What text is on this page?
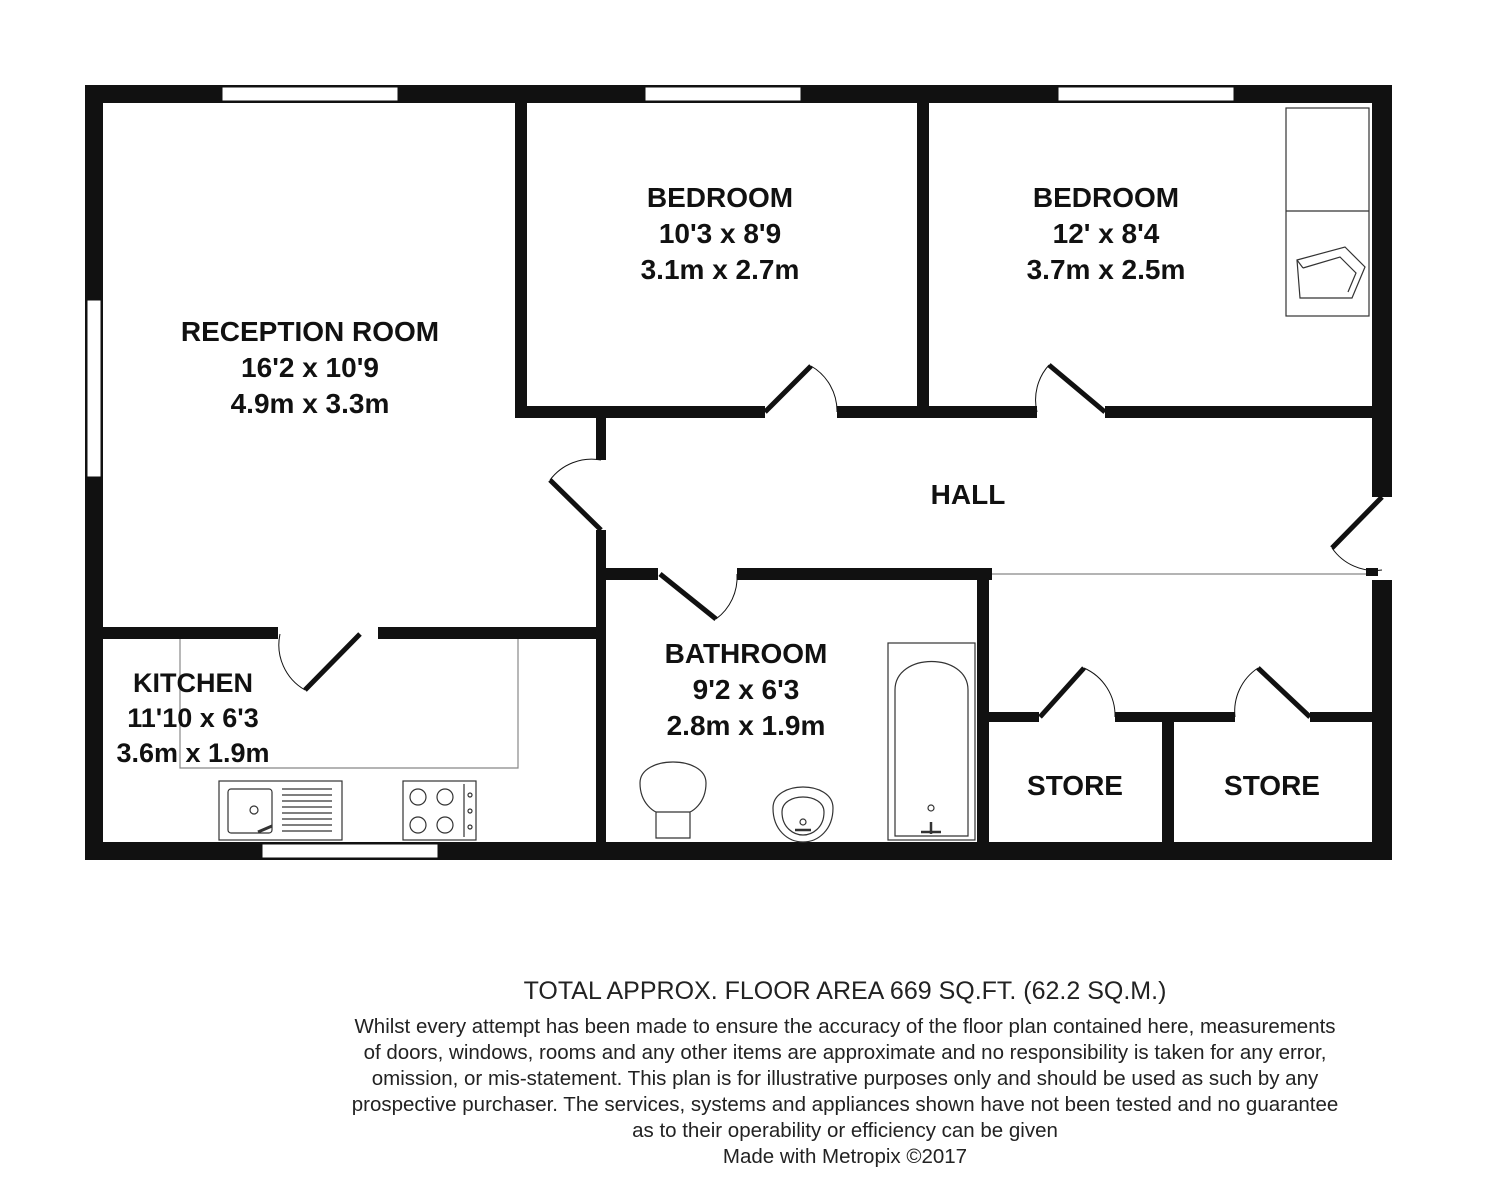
RECEPTION ROOM
16'2 x 10'9
4.9m x 3.3m
BEDROOM
10'3 x 8'9
3.1m x 2.7m
BEDROOM
12' x 8'4
3.7m x 2.5m
HALL
KITCHEN
11'10 x 6'3
3.6m x 1.9m
BATHROOM
9'2 x 6'3
2.8m x 1.9m
STORE	STORE
TOTAL APPROX. FLOOR AREA 669 SQ.FT. (62.2 SQ.M.)
Whilst every attempt has been made to ensure the accuracy of the floor plan contained here, measurements
of doors, windows, rooms and any other items are approximate and no responsibility is taken for any error,
omission, or mis-statement. This plan is for illustrative purposes only and should be used as such by any
prospective purchaser. The services, systems and appliances shown have not been tested and no guarantee
as to their operability or efficiency can be given
Made with Metropix ©2017
